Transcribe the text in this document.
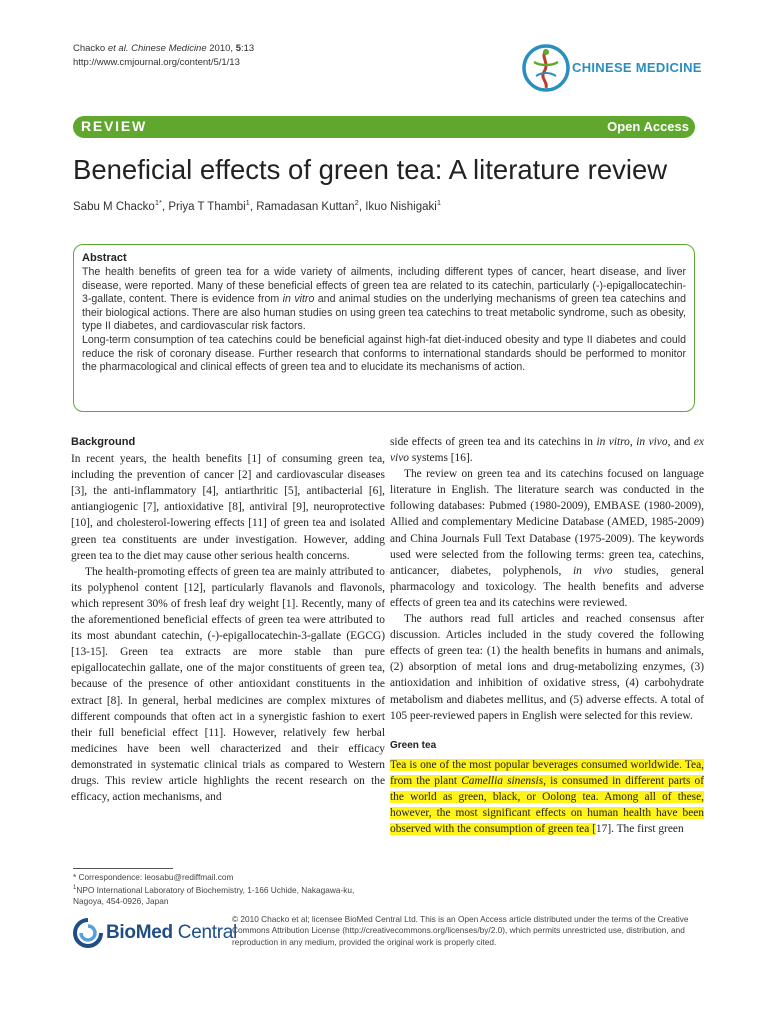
Chacko et al. Chinese Medicine 2010, 5:13
http://www.cmjournal.org/content/5/1/13	CHINESE MEDICINE
REVIEW	Open Access
Beneficial effects of green tea: A literature review
Sabu M Chacko$^{1*}$, Priya T Thambi$^1$, Ramadasan Kuttan$^2$, Ikuo Nishigaki$^1$
Abstract

The health benefits of green tea for a wide variety of ailments, including different types of cancer, heart disease, and liver disease, were reported. Many of these beneficial effects of green tea are related to its catechin, particularly (-)-epigallocatechin-3-gallate, content. There is evidence from in vitro and animal studies on the underlying mechanisms of green tea catechins and their biological actions. There are also human studies on using green tea catechins to treat metabolic syndrome, such as obesity, type II diabetes, and cardiovascular risk factors.

Long-term consumption of tea catechins could be beneficial against high-fat diet-induced obesity and type II diabetes and could reduce the risk of coronary disease. Further research that conforms to international standards should be performed to monitor the pharmacological and clinical effects of green tea and to elucidate its mechanisms of action.

Background

In recent years, the health benefits [1] of consuming green tea, including the prevention of cancer [2] and cardiovascular diseases [3], the anti-inflammatory [4], antiarthritic [5], antibacterial [6], antiangiogenic [7], antioxidative [8], antiviral [9], neuroprotective [10], and cholesterol-lowering effects [11] of green tea and isolated green tea constituents are under investigation. However, adding green tea to the diet may cause other serious health concerns.

The health-promoting effects of green tea are mainly attributed to its polyphenol content [12], particularly flavanols and flavonols, which represent 30% of fresh leaf dry weight [1]. Recently, many of the aforementioned beneficial effects of green tea were attributed to its most abundant catechin, (-)-epigallocatechin-3-gallate (EGCG) [13-15]. Green tea extracts are more stable than pure epigallocatechin gallate, one of the major constituents of green tea, because of the presence of other antioxidant constituents in the extract [8]. In general, herbal medicines are complex mixtures of different compounds that often act in a synergistic fashion to exert their full beneficial effect [11]. However, relatively few herbal medicines have been well characterized and their efficacy demonstrated in systematic clinical trials as compared to Western drugs. This review article highlights the recent research on the efficacy, action mechanisms, and

side effects of green tea and its catechins in in vitro, in vivo, and ex vivo systems [16].

The review on green tea and its catechins focused on language literature in English. The literature search was conducted in the following databases: Pubmed (1980-2009), EMBASE (1980-2009), Allied and complementary Medicine Database (AMED, 1985-2009) and China Journals Full Text Database (1975-2009). The keywords used were selected from the following terms: green tea, catechins, anticancer, diabetes, polyphenols, in vivo studies, general pharmacology and toxicology. The health benefits and adverse effects of green tea and its catechins were reviewed.

The authors read full articles and reached consensus after discussion. Articles included in the study covered the following effects of green tea: (1) the health benefits in humans and animals, (2) absorption of metal ions and drug-metabolizing enzymes, (3) antioxidation and inhibition of oxidative stress, (4) carbohydrate metabolism and diabetes mellitus, and (5) adverse effects. A total of 105 peer-reviewed papers in English were selected for this review.

Green tea

Tea is one of the most popular beverages consumed worldwide. Tea, from the plant Camellia sinensis, is consumed in different parts of the world as green, black, or Oolong tea. Among all of these, however, the most significant effects on human health have been observed with the consumption of green tea [17]. The first green

* Correspondence: leosabu@rediffmail.com
$^1$NPO International Laboratory of Biochemistry, 1-166 Uchide, Nakagawa-ku, Nagoya, 454-0926, Japan
BioMed Central
© 2010 Chacko et al; licensee BioMed Central Ltd. This is an Open Access article distributed under the terms of the Creative Commons Attribution License (http://creativecommons.org/licenses/by/2.0), which permits unrestricted use, distribution, and reproduction in any medium, provided the original work is properly cited.
